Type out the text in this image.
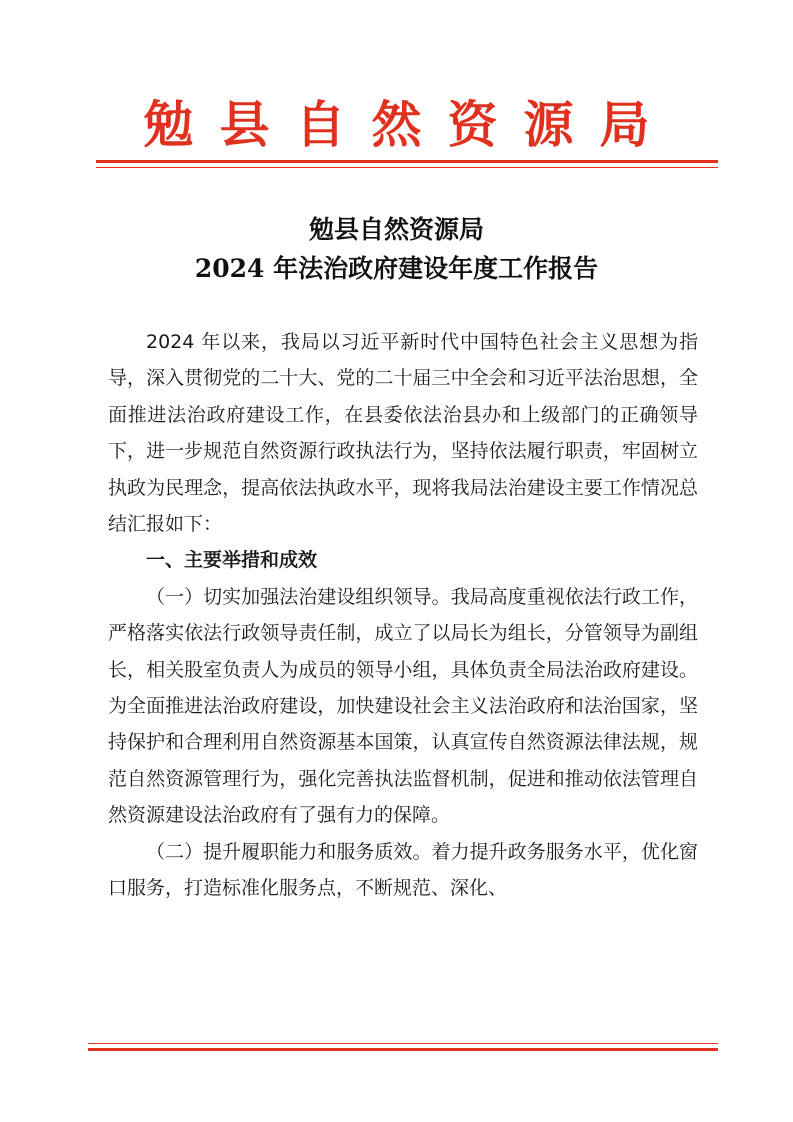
勉县自然资源局
勉县自然资源局
2024 年法治政府建设年度工作报告

2024 年以来，我局以习近平新时代中国特色社会主义思想为指导，深入贯彻党的二十大、党的二十届三中全会和习近平法治思想，全面推进法治政府建设工作，在县委依法治县办和上级部门的正确领导下，进一步规范自然资源行政执法行为，坚持依法履行职责，牢固树立执政为民理念，提高依法执政水平，现将我局法治建设主要工作情况总结汇报如下：

一、主要举措和成效

（一）切实加强法治建设组织领导。我局高度重视依法行政工作，严格落实依法行政领导责任制，成立了以局长为组长，分管领导为副组长，相关股室负责人为成员的领导小组，具体负责全局法治政府建设。为全面推进法治政府建设，加快建设社会主义法治政府和法治国家，坚持保护和合理利用自然资源基本国策，认真宣传自然资源法律法规，规范自然资源管理行为，强化完善执法监督机制，促进和推动依法管理自然资源建设法治政府有了强有力的保障。

（二）提升履职能力和服务质效。着力提升政务服务水平，优化窗口服务，打造标准化服务点，不断规范、深化、
